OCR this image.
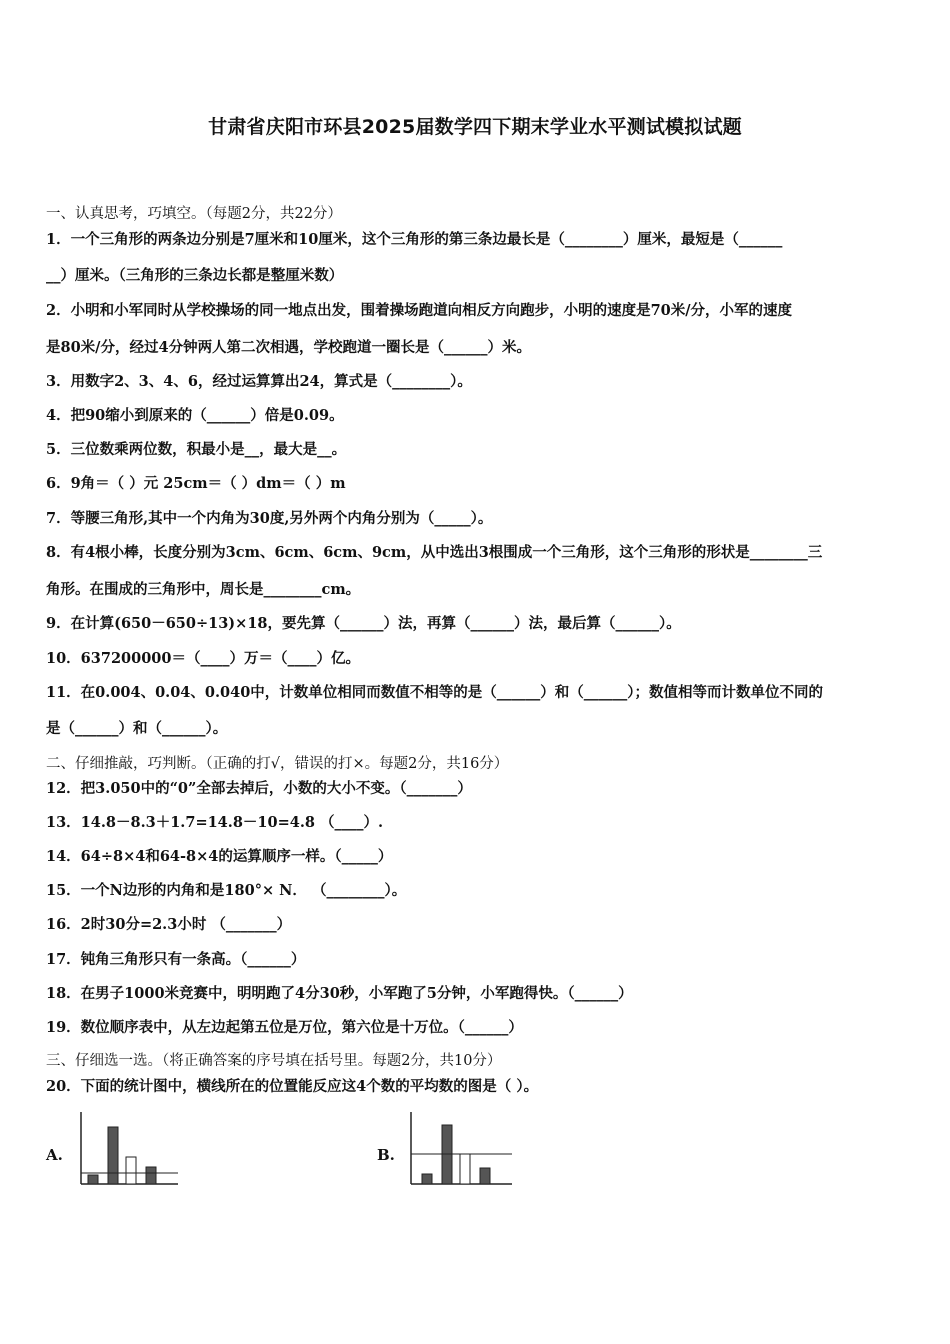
甘肃省庆阳市环县2025届数学四下期末学业水平测试模拟试题
一、认真思考，巧填空。（每题2分，共22分）
1．一个三角形的两条边分别是7厘米和10厘米，这个三角形的第三条边最长是（________）厘米，最短是（______
__）厘米。（三角形的三条边长都是整厘米数）
2．小明和小军同时从学校操场的同一地点出发，围着操场跑道向相反方向跑步，小明的速度是70米/分，小军的速度
是80米/分，经过4分钟两人第二次相遇，学校跑道一圈长是（______）米。
3．用数字2、3、4、6，经过运算算出24，算式是（________）。
4．把90缩小到原来的（______）倍是0.09。
5．三位数乘两位数，积最小是__，最大是__。
6．9角＝（ ）元 25cm＝（ ）dm＝（ ）m
7．等腰三角形,其中一个内角为30度,另外两个内角分别为（_____）。
8．有4根小棒，长度分别为3cm、6cm、6cm、9cm，从中选出3根围成一个三角形，这个三角形的形状是________三
角形。在围成的三角形中，周长是________cm。
9．在计算(650－650÷13)×18，要先算（______）法，再算（______）法，最后算（______）。
10．637200000＝（____）万＝（____）亿。
11．在0.004、0.04、0.040中，计数单位相同而数值不相等的是（______）和（______）；数值相等而计数单位不同的
是（______）和（______）。
二、仔细推敲，巧判断。（正确的打√，错误的打×。每题2分，共16分）
12．把3.050中的“0”全部去掉后，小数的大小不变。（_______）
13．14.8－8.3＋1.7=14.8－10=4.8 （____）.
14．64÷8×4和64-8×4的运算顺序一样。（_____）
15．一个N边形的内角和是180°× N． （________）。
16．2时30分=2.3小时 （_______）
17．钝角三角形只有一条高。（______）
18．在男子1000米竞赛中，明明跑了4分30秒，小军跑了5分钟，小军跑得快。（______）
19．数位顺序表中，从左边起第五位是万位，第六位是十万位。（______）
三、仔细选一选。（将正确答案的序号填在括号里。每题2分，共10分）
20．下面的统计图中，横线所在的位置能反应这4个数的平均数的图是（ ）。
A.	B.
